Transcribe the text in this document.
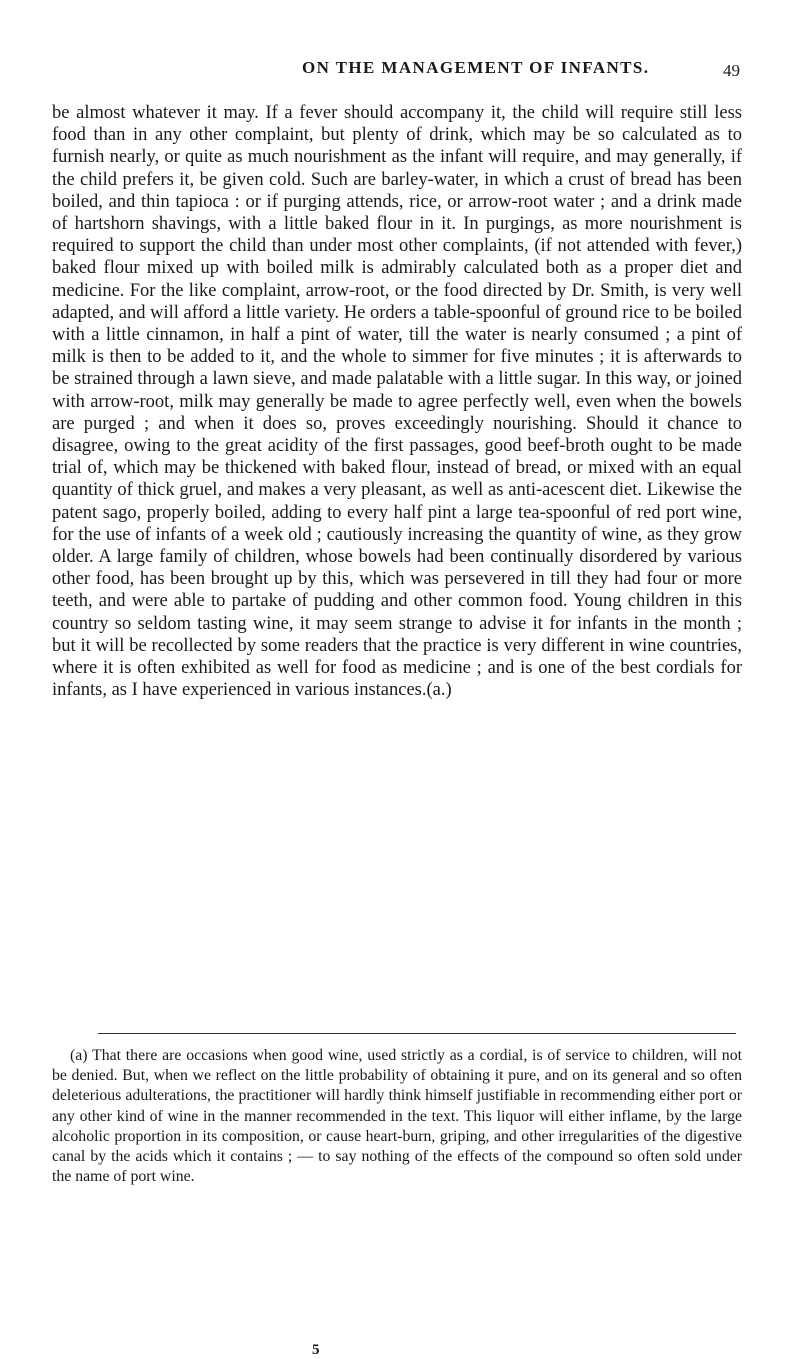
ON THE MANAGEMENT OF INFANTS.	49

be almost whatever it may. If a fever should accompany it, the child will require still less food than in any other complaint, but plenty of drink, which may be so calculated as to furnish nearly, or quite as much nourishment as the infant will require, and may generally, if the child prefers it, be given cold. Such are barley-water, in which a crust of bread has been boiled, and thin tapioca : or if purging attends, rice, or arrow-root water ; and a drink made of hartshorn shavings, with a little baked flour in it. In purgings, as more nourishment is required to support the child than under most other complaints, (if not attended with fever,) baked flour mixed up with boiled milk is admirably calculated both as a proper diet and medicine. For the like complaint, arrow-root, or the food directed by Dr. Smith, is very well adapted, and will afford a little variety. He orders a table-spoonful of ground rice to be boiled with a little cinnamon, in half a pint of water, till the water is nearly consumed ; a pint of milk is then to be added to it, and the whole to simmer for five minutes ; it is afterwards to be strained through a lawn sieve, and made palatable with a little sugar. In this way, or joined with arrow-root, milk may generally be made to agree perfectly well, even when the bowels are purged ; and when it does so, proves exceedingly nourishing. Should it chance to disagree, owing to the great acidity of the first passages, good beef-broth ought to be made trial of, which may be thickened with baked flour, instead of bread, or mixed with an equal quantity of thick gruel, and makes a very pleasant, as well as anti-acescent diet. Likewise the patent sago, properly boiled, adding to every half pint a large tea-spoonful of red port wine, for the use of infants of a week old ; cautiously increasing the quantity of wine, as they grow older. A large family of children, whose bowels had been continually disordered by various other food, has been brought up by this, which was persevered in till they had four or more teeth, and were able to partake of pudding and other common food. Young children in this country so seldom tasting wine, it may seem strange to advise it for infants in the month ; but it will be recollected by some readers that the practice is very different in wine countries, where it is often exhibited as well for food as medicine ; and is one of the best cordials for infants, as I have experienced in various instances.(a.)

(a) That there are occasions when good wine, used strictly as a cordial, is of service to children, will not be denied. But, when we reflect on the little probability of obtaining it pure, and on its general and so often deleterious adulterations, the practitioner will hardly think himself justifiable in recommending either port or any other kind of wine in the manner recommended in the text. This liquor will either inflame, by the large alcoholic proportion in its composition, or cause heart-burn, griping, and other irregularities of the digestive canal by the acids which it contains ; — to say nothing of the effects of the compound so often sold under the name of port wine.

5
